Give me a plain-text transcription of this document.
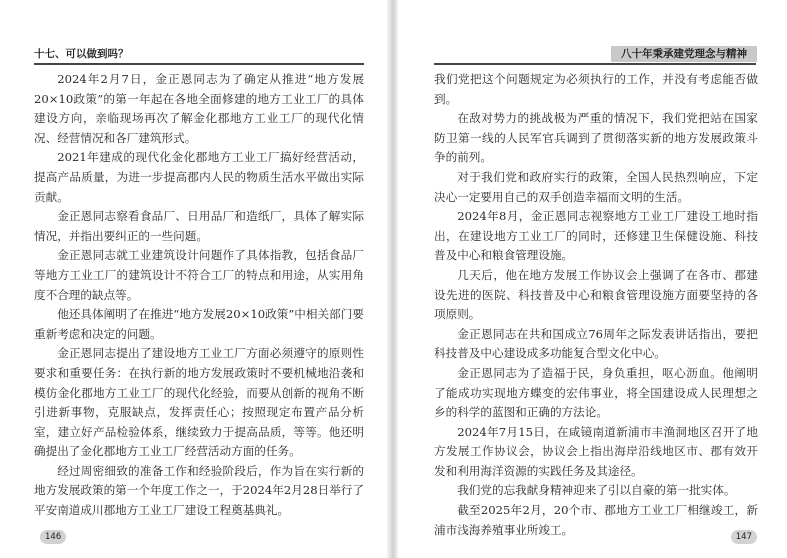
十七、可以做到吗？

2024年2月7日，金正恩同志为了确定从推进“地方发展20×10政策”的第一年起在各地全面修建的地方工业工厂的具体建设方向，亲临现场再次了解金化郡地方工业工厂的现代化情况、经营情况和各厂建筑形式。

2021年建成的现代化金化郡地方工业工厂搞好经营活动，提高产品质量，为进一步提高郡内人民的物质生活水平做出实际贡献。

金正恩同志察看食品厂、日用品厂和造纸厂，具体了解实际情况，并指出要纠正的一些问题。

金正恩同志就工业建筑设计问题作了具体指教，包括食品厂等地方工业工厂的建筑设计不符合工厂的特点和用途，从实用角度不合理的缺点等。

他还具体阐明了在推进“地方发展20×10政策”中相关部门要重新考虑和决定的问题。

金正恩同志提出了建设地方工业工厂方面必须遵守的原则性要求和重要任务：在执行新的地方发展政策时不要机械地沿袭和模仿金化郡地方工业工厂的现代化经验，而要从创新的视角不断引进新事物，克服缺点，发挥责任心；按照现定布置产品分析室，建立好产品检验体系，继续致力于提高品质，等等。他还明确提出了金化郡地方工业工厂经营活动方面的任务。

经过周密细致的准备工作和经验阶段后，作为旨在实行新的地方发展政策的第一个年度工作之一，于2024年2月28日举行了平安南道成川郡地方工业工厂建设工程奠基典礼。

146
八十年秉承建党理念与精神

我们党把这个问题规定为必须执行的工作，并没有考虑能否做到。

在敌对势力的挑战极为严重的情况下，我们党把站在国家防卫第一线的人民军官兵调到了贯彻落实新的地方发展政策斗争的前列。

对于我们党和政府实行的政策，全国人民热烈响应，下定决心一定要用自己的双手创造幸福而文明的生活。

2024年8月，金正恩同志视察地方工业工厂建设工地时指出，在建设地方工业工厂的同时，还修建卫生保健设施、科技普及中心和粮食管理设施。

几天后，他在地方发展工作协议会上强调了在各市、郡建设先进的医院、科技普及中心和粮食管理设施方面要坚持的各项原则。

金正恩同志在共和国成立76周年之际发表讲话指出，要把科技普及中心建设成多功能复合型文化中心。

金正恩同志为了造福于民，身负重担，呕心沥血。他阐明了能成功实现地方蝶变的宏伟事业，将全国建设成人民理想之乡的科学的蓝图和正确的方法论。

2024年7月15日，在咸镜南道新浦市丰渔洞地区召开了地方发展工作协议会，协议会上指出海岸沿线地区市、郡有效开发和利用海洋资源的实践任务及其途径。

我们党的忘我献身精神迎来了引以自豪的第一批实体。

截至2025年2月，20个市、郡地方工业工厂相继竣工，新浦市浅海养殖事业所竣工。

147
